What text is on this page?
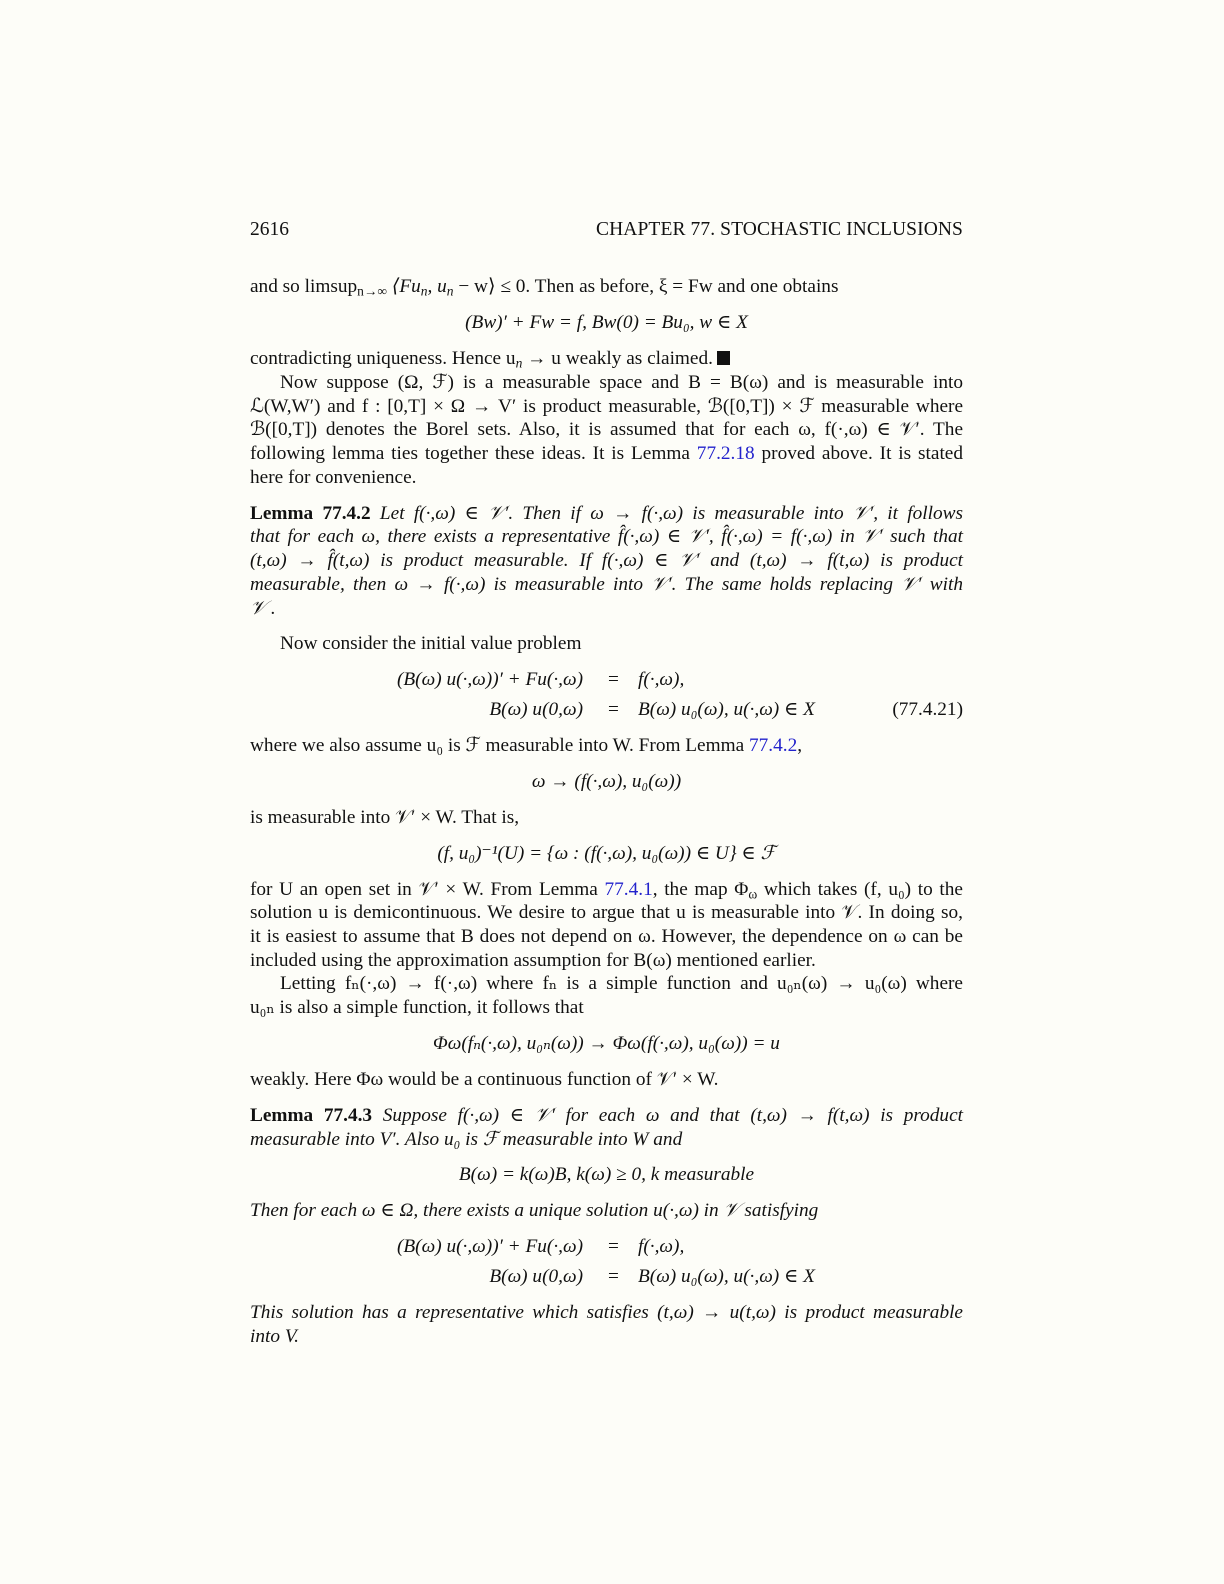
2616	CHAPTER 77. STOCHASTIC INCLUSIONS
and so limsup$_{n\to\infty}$ $⟨Fu_n$, $u_n$ − w⟩ ≤ 0. Then as before, ξ = Fw and one obtains
(Bw)′ + Fw = f, Bw(0) = Bu₀, w ∈ X
contradicting uniqueness. Hence $u_n \to u$ weakly as claimed.
Now suppose (Ω, ℱ) is a measurable space and B = B(ω) and is measurable into
ℒ(W,W′) and f : [0,T] × Ω → V′ is product measurable, ℬ([0,T]) × ℱ measurable where
ℬ([0,T]) denotes the Borel sets. Also, it is assumed that for each ω, f(·,ω) ∈ 𝒱′. The
following lemma ties together these ideas. It is Lemma 77.2.18 proved above. It is stated
here for convenience.
Lemma 77.4.2 Let f(·,ω) ∈ 𝒱′. Then if ω → f(·,ω) is measurable into 𝒱′, it follows
that for each ω, there exists a representative f̂(·,ω) ∈ 𝒱′, f̂(·,ω) = f(·,ω) in 𝒱′ such that
(t,ω) → f̂(t,ω) is product measurable. If f(·,ω) ∈ 𝒱′ and (t,ω) → f(t,ω) is product
measurable, then ω → f(·,ω) is measurable into 𝒱′. The same holds replacing 𝒱′ with
𝒱 .
Now consider the initial value problem
(B(ω) u(·,ω))′ + Fu(·,ω) = f(·,ω),
B(ω) u(0,ω) = B(ω) u₀(ω), u(·,ω) ∈ X	(77.4.21)
where we also assume u₀ is ℱ measurable into W. From Lemma 77.4.2,
ω → (f(·,ω), u₀(ω))
is measurable into 𝒱′ × W. That is,
(f, u₀)⁻¹(U) = {ω : (f(·,ω), u₀(ω)) ∈ U} ∈ ℱ
for U an open set in 𝒱′ × W. From Lemma 77.4.1, the map $\Phi_\omega$ which takes (f, u₀) to the
solution u is demicontinuous. We desire to argue that u is measurable into 𝒱. In doing so,
it is easiest to assume that B does not depend on ω. However, the dependence on ω can be
included using the approximation assumption for B(ω) mentioned earlier.
Letting fₙ(·,ω) → f(·,ω) where fₙ is a simple function and u₀ₙ(ω) → u₀(ω) where
u₀ₙ is also a simple function, it follows that
Φω(fₙ(·,ω), u₀ₙ(ω)) → Φω(f(·,ω), u₀(ω)) = u
weakly. Here Φω would be a continuous function of 𝒱′ × W.
Lemma 77.4.3 Suppose f(·,ω) ∈ 𝒱′ for each ω and that (t,ω) → f(t,ω) is product
measurable into V′. Also u₀ is ℱ measurable into W and
B(ω) = k(ω)B, k(ω) ≥ 0, k measurable
Then for each ω ∈ Ω, there exists a unique solution u(·,ω) in 𝒱 satisfying
(B(ω) u(·,ω))′ + Fu(·,ω) = f(·,ω),
B(ω) u(0,ω) = B(ω) u₀(ω), u(·,ω) ∈ X
This solution has a representative which satisfies (t,ω) → u(t,ω) is product measurable
into V.
